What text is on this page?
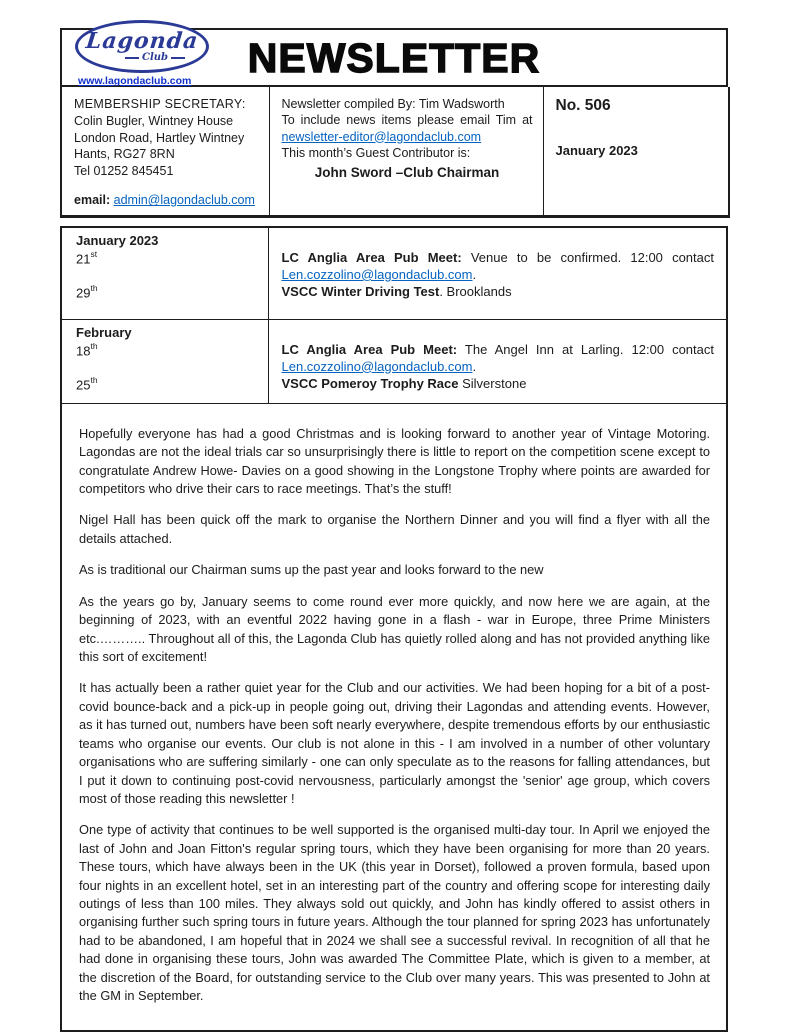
Lagonda
Club
www.lagondaclub.com	NEWSLETTER
MEMBERSHIP SECRETARY:
Colin Bugler, Wintney House
London Road, Hartley Wintney
Hants, RG27 8RN
Tel 01252 845451
email: admin@lagondaclub.com

Newsletter compiled By: Tim Wadsworth
To include news items please email Tim at
newsletter-editor@lagondaclub.com
This month’s Guest Contributor is:
John Sword –Club Chairman

No. 506
January 2023
January 2023	
21st	LC Anglia Area Pub Meet: Venue to be confirmed. 12:00 contact Len.cozzolino@lagondaclub.com.
29th	VSCC Winter Driving Test. Brooklands
February	
18th	LC Anglia Area Pub Meet: The Angel Inn at Larling. 12:00 contact Len.cozzolino@lagondaclub.com.
25th	VSCC Pomeroy Trophy Race Silverstone

Hopefully everyone has had a good Christmas and is looking forward to another year of Vintage Motoring. Lagondas are not the ideal trials car so unsurprisingly there is little to report on the competition scene except to congratulate Andrew Howe- Davies on a good showing in the Longstone Trophy where points are awarded for competitors who drive their cars to race meetings. That’s the stuff!

Nigel Hall has been quick off the mark to organise the Northern Dinner and you will find a flyer with all the details attached.

As is traditional our Chairman sums up the past year and looks forward to the new

As the years go by, January seems to come round ever more quickly, and now here we are again, at the beginning of 2023, with an eventful 2022 having gone in a flash - war in Europe, three Prime Ministers etc.……….. Throughout all of this, the Lagonda Club has quietly rolled along and has not provided anything like this sort of excitement!

It has actually been a rather quiet year for the Club and our activities. We had been hoping for a bit of a post-covid bounce-back and a pick-up in people going out, driving their Lagondas and attending events. However, as it has turned out, numbers have been soft nearly everywhere, despite tremendous efforts by our enthusiastic teams who organise our events. Our club is not alone in this - I am involved in a number of other voluntary organisations who are suffering similarly - one can only speculate as to the reasons for falling attendances, but I put it down to continuing post-covid nervousness, particularly amongst the 'senior' age group, which covers most of those reading this newsletter !

One type of activity that continues to be well supported is the organised multi-day tour. In April we enjoyed the last of John and Joan Fitton's regular spring tours, which they have been organising for more than 20 years. These tours, which have always been in the UK (this year in Dorset), followed a proven formula, based upon four nights in an excellent hotel, set in an interesting part of the country and offering scope for interesting daily outings of less than 100 miles. They always sold out quickly, and John has kindly offered to assist others in organising further such spring tours in future years. Although the tour planned for spring 2023 has unfortunately had to be abandoned, I am hopeful that in 2024 we shall see a successful revival. In recognition of all that he had done in organising these tours, John was awarded The Committee Plate, which is given to a member, at the discretion of the Board, for outstanding service to the Club over many years. This was presented to John at the GM in September.
